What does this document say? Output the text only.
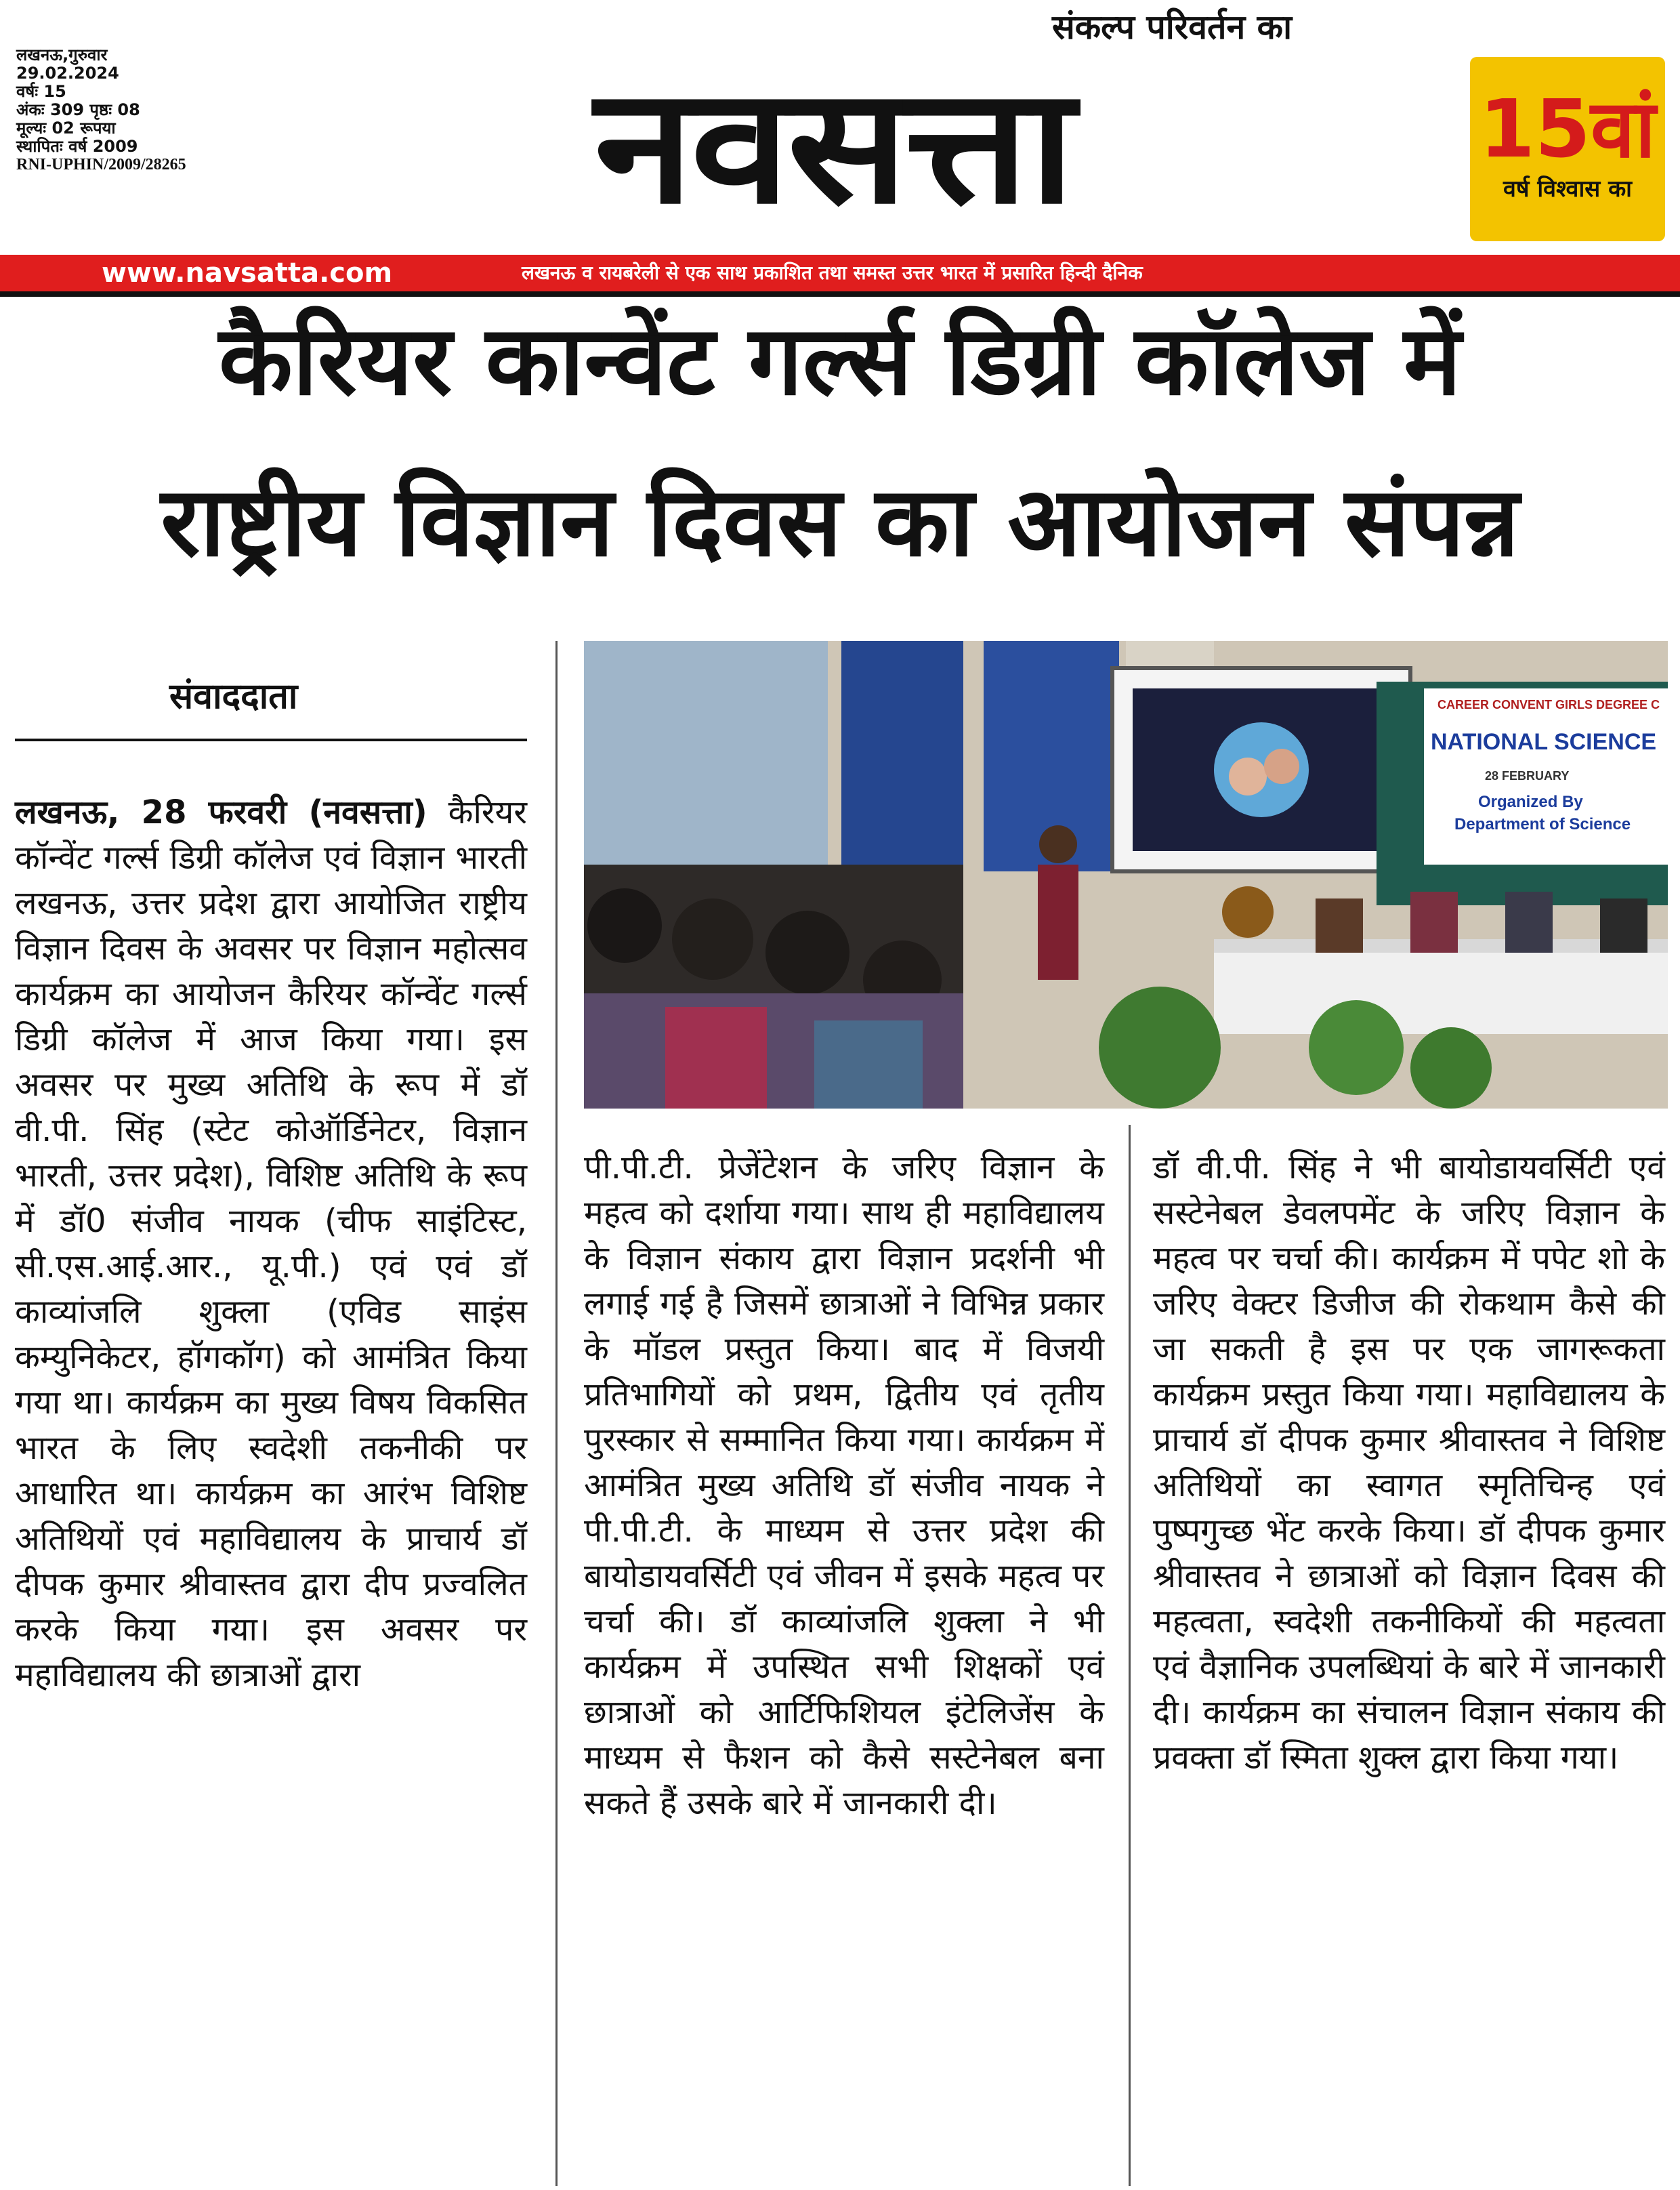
लखनऊ,गुरुवार
29.02.2024
वर्षः 15
अंकः 309 पृष्ठः 08
मूल्यः 02 रूपया
स्थापितः वर्ष 2009
RNI-UPHIN/2009/28265
संकल्प परिवर्तन का
नवसत्ता	15वां
वर्ष विश्वास का
www.navsatta.com	लखनऊ व रायबरेली से एक साथ प्रकाशित तथा समस्त उत्तर भारत में प्रसारित हिन्दी दैनिक
कैरियर कान्वेंट गर्ल्स डिग्री कॉलेज में
राष्ट्रीय विज्ञान दिवस का आयोजन संपन्न
संवाददाता	CAREER CONVENT GIRLS DEGREE C
NATIONAL SCIENCE
28 FEBRUARY
Organized By
Department of Science
लखनऊ, 28 फरवरी (नवसत्ता) कैरियर कॉन्वेंट गर्ल्स डिग्री कॉलेज एवं विज्ञान भारती लखनऊ, उत्तर प्रदेश द्वारा आयोजित राष्ट्रीय विज्ञान दिवस के अवसर पर विज्ञान महोत्सव कार्यक्रम का आयोजन कैरियर कॉन्वेंट गर्ल्स डिग्री कॉलेज में आज किया गया। इस अवसर पर मुख्य अतिथि के रूप में डॉ वी.पी. सिंह (स्टेट कोऑर्डिनेटर, विज्ञान भारती, उत्तर प्रदेश), विशिष्ट अतिथि के रूप में डॉ0 संजीव नायक (चीफ साइंटिस्ट, सी.एस.आई.आर., यू.पी.) एवं एवं डॉ काव्यांजलि शुक्ला (एविड साइंस कम्युनिकेटर, हॉगकॉग) को आमंत्रित किया गया था। कार्यक्रम का मुख्य विषय विकसित भारत के लिए स्वदेशी तकनीकी पर आधारित था। कार्यक्रम का आरंभ विशिष्ट अतिथियों एवं महाविद्यालय के प्राचार्य डॉ दीपक कुमार श्रीवास्तव द्वारा दीप प्रज्वलित करके किया गया। इस अवसर पर महाविद्यालय की छात्राओं द्वारा
पी.पी.टी. प्रेजेंटेशन के जरिए विज्ञान के महत्व को दर्शाया गया। साथ ही महाविद्यालय के विज्ञान संकाय द्वारा विज्ञान प्रदर्शनी भी लगाई गई है जिसमें छात्राओं ने विभिन्न प्रकार के मॉडल प्रस्तुत किया। बाद में विजयी प्रतिभागियों को प्रथम, द्वितीय एवं तृतीय पुरस्कार से सम्मानित किया गया। कार्यक्रम में आमंत्रित मुख्य अतिथि डॉ संजीव नायक ने पी.पी.टी. के माध्यम से उत्तर प्रदेश की बायोडायवर्सिटी एवं जीवन में इसके महत्व पर चर्चा की। डॉ काव्यांजलि शुक्ला ने भी कार्यक्रम में उपस्थित सभी शिक्षकों एवं छात्राओं को आर्टिफिशियल इंटेलिजेंस के माध्यम से फैशन को कैसे सस्टेनेबल बना सकते हैं उसके बारे में जानकारी दी।
डॉ वी.पी. सिंह ने भी बायोडायवर्सिटी एवं सस्टेनेबल डेवलपमेंट के जरिए विज्ञान के महत्व पर चर्चा की। कार्यक्रम में पपेट शो के जरिए वेक्टर डिजीज की रोकथाम कैसे की जा सकती है इस पर एक जागरूकता कार्यक्रम प्रस्तुत किया गया। महाविद्यालय के प्राचार्य डॉ दीपक कुमार श्रीवास्तव ने विशिष्ट अतिथियों का स्वागत स्मृतिचिन्ह एवं पुष्पगुच्छ भेंट करके किया। डॉ दीपक कुमार श्रीवास्तव ने छात्राओं को विज्ञान दिवस की महत्वता, स्वदेशी तकनीकियों की महत्वता एवं वैज्ञानिक उपलब्धियां के बारे में जानकारी दी। कार्यक्रम का संचालन विज्ञान संकाय की प्रवक्ता डॉ स्मिता शुक्ल द्वारा किया गया।
